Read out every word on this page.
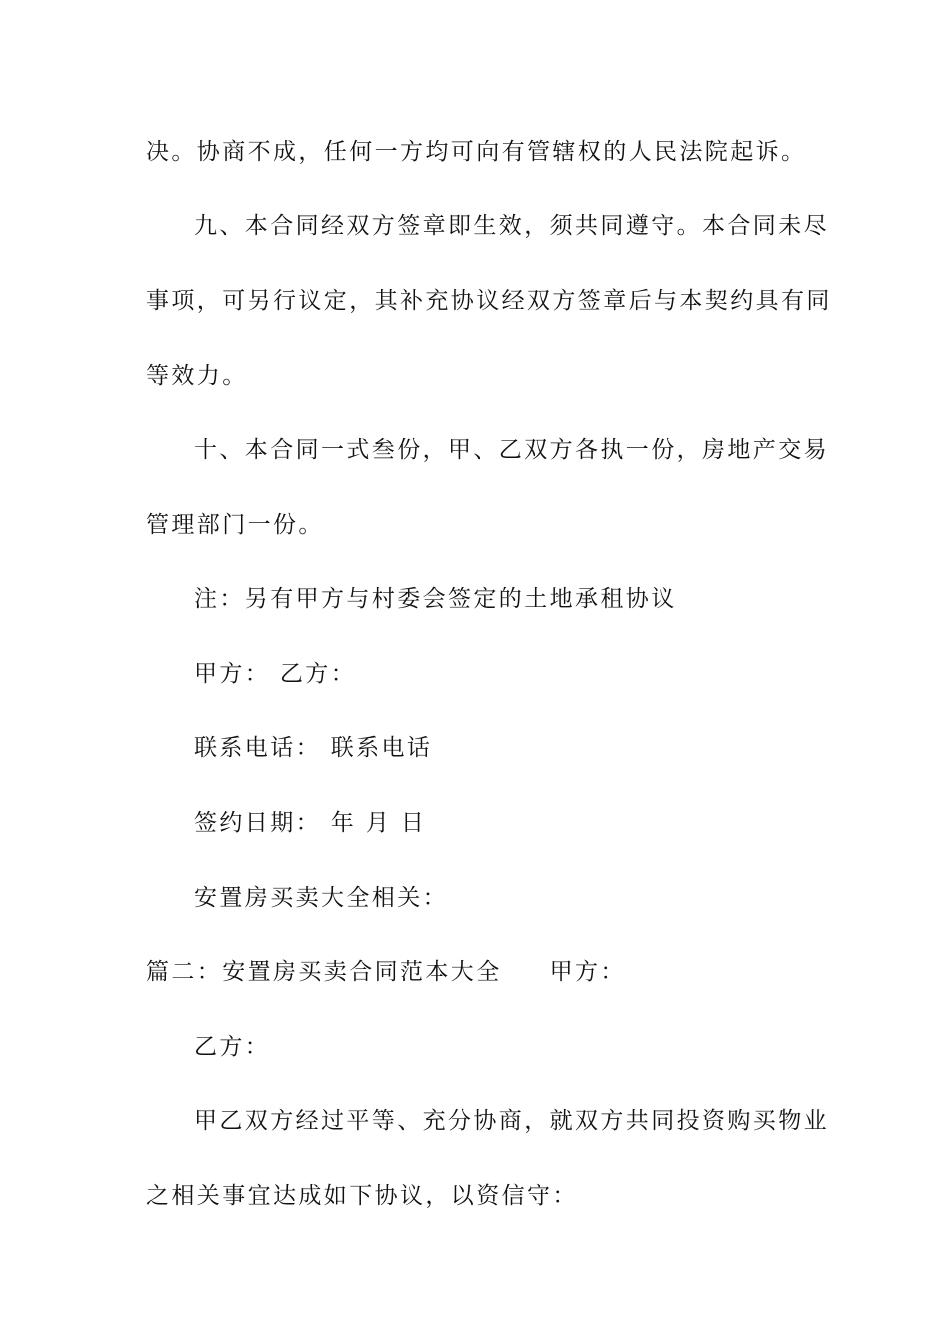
决。协商不成，任何一方均可向有管辖权的人民法院起诉。
九、本合同经双方签章即生效，须共同遵守。本合同未尽
事项，可另行议定，其补充协议经双方签章后与本契约具有同
等效力。
十、本合同一式叁份，甲、乙双方各执一份，房地产交易
管理部门一份。
注：另有甲方与村委会签定的土地承租协议
甲方： 乙方：
联系电话： 联系电话
签约日期： 年 月 日
安置房买卖大全相关：
篇二：安置房买卖合同范本大全 甲方：
乙方：
甲乙双方经过平等、充分协商，就双方共同投资购买物业
之相关事宜达成如下协议，以资信守：
